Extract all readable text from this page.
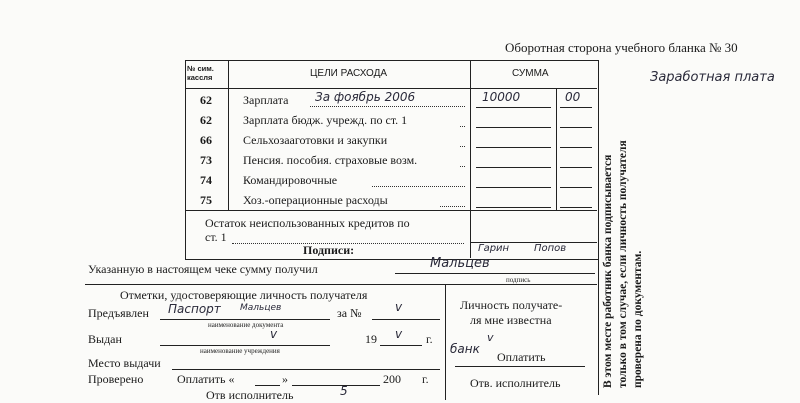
Оборотная сторона учебного бланка № 30
Заработная плата
№ сим. кассля	ЦЕЛИ РАСХОДА	СУММА
62	Зарплата За фоябрь 2006	10000	00
62	Зарплата бюдж. учрежд. по ст. 1
66	Сельхозааготовки и закупки
73	Пенсия. пособия. страховые возм.
74	Командировочные
75	Хоз.-операционные расходы
Остаток неиспользованных кредитов по
ст. 1
Подписи:	Гарин Попов
Указанную в настоящем чеке сумму получил	Мальцев
подпись
Отметки, удостоверяющие личность получателя
Предъявлен Паспорт Мальцев
наименование документа
за №	v
Выдан	v
наименование учреждения
19 v г.
Место выдачи
Проверено	Оплатить «	»	200 г.
Отв исполнитель	5
Личность получате-
ля мне известна
v
банк
Оплатить
Отв. исполнитель	В этом месте работник банка подписывается только в том случае, если личность получателя проверена по документам.
